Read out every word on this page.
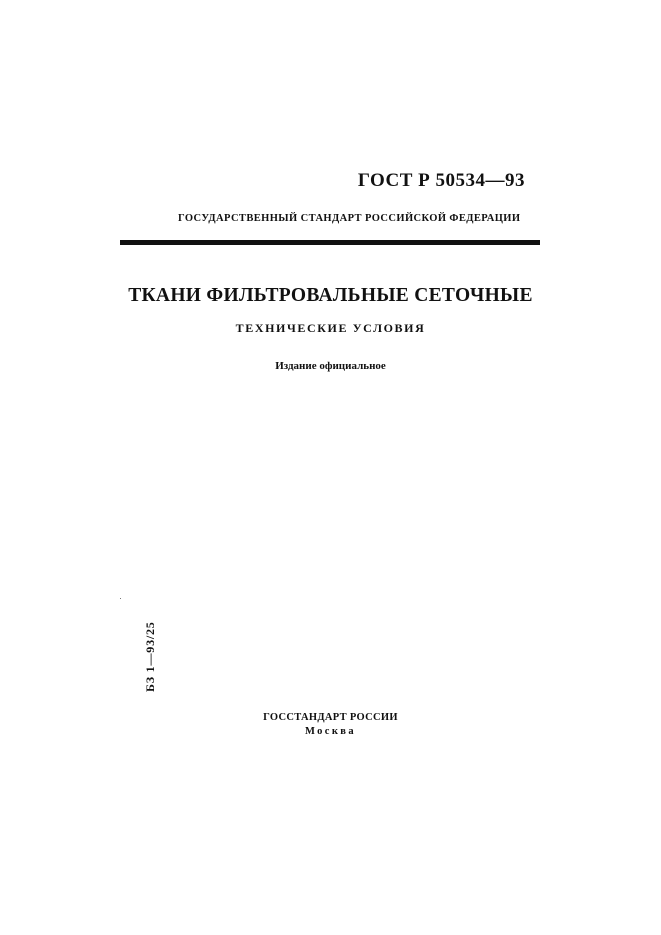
ГОСТ Р 50534—93
ГОСУДАРСТВЕННЫЙ СТАНДАРТ РОССИЙСКОЙ ФЕДЕРАЦИИ
ТКАНИ ФИЛЬТРОВАЛЬНЫЕ СЕТОЧНЫЕ
ТЕХНИЧЕСКИЕ УСЛОВИЯ
Издание официальное
БЗ 1—93/25
ГОССТАНДАРТ РОССИИ
Москва
